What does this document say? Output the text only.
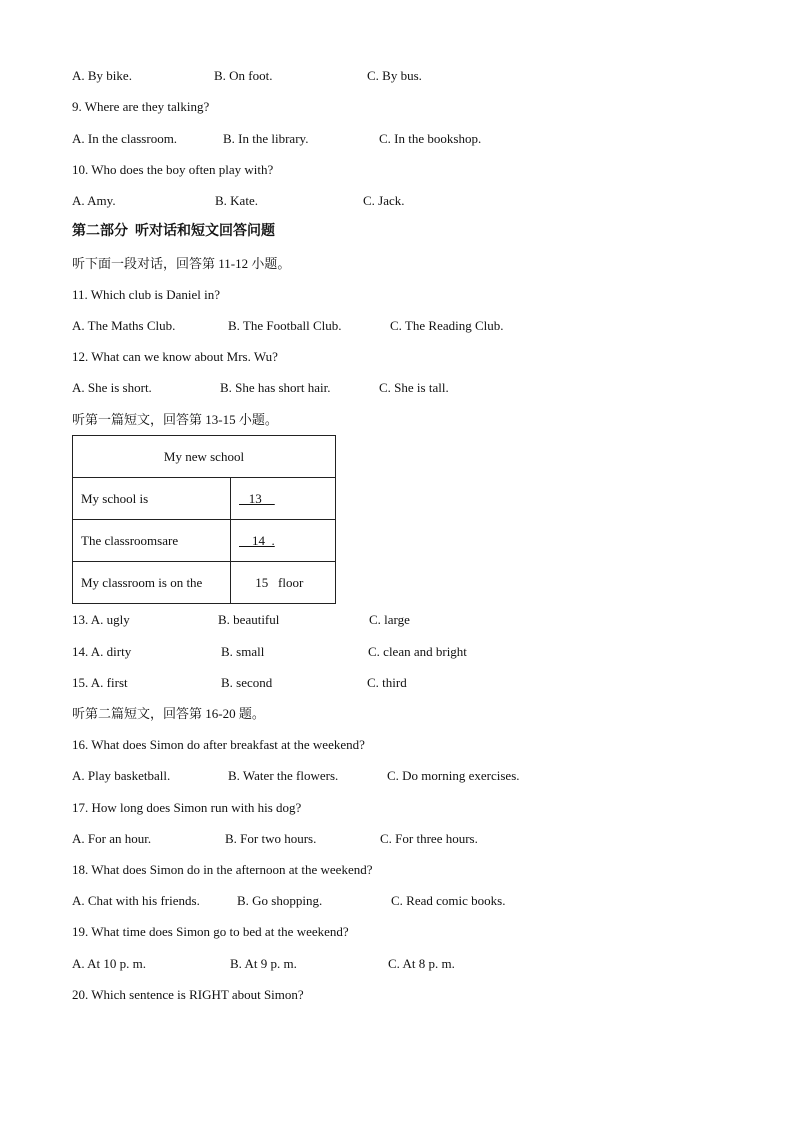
A. By bike.	B. On foot.	C. By bus.
9. Where are they talking?
A. In the classroom.	B. In the library.	C. In the bookshop.
10. Who does the boy often play with?
A. Amy.	B. Kate.	C. Jack.
第二部分  听对话和短文回答问题
听下面一段对话，回答第 11-12 小题。
11. Which club is Daniel in?
A. The Maths Club.	B. The Football Club.	C. The Reading Club.
12. What can we know about Mrs. Wu?
A. She is short.	B. She has short hair.	C. She is tall.
听第一篇短文，回答第 13-15 小题。
My new school	
My school is	13
The classroomsare	14  .
My classroom is on the	15   floor
13. A. ugly	B. beautiful	C. large
14. A. dirty	B. small	C. clean and bright
15. A. first	B. second	C. third
听第二篇短文，回答第 16-20 题。
16. What does Simon do after breakfast at the weekend?
A. Play basketball.	B. Water the flowers.	C. Do morning exercises.
17. How long does Simon run with his dog?
A. For an hour.	B. For two hours.	C. For three hours.
18. What does Simon do in the afternoon at the weekend?
A. Chat with his friends.	B. Go shopping.	C. Read comic books.
19. What time does Simon go to bed at the weekend?
A. At 10 p. m.	B. At 9 p. m.	C. At 8 p. m.
20. Which sentence is RIGHT about Simon?
